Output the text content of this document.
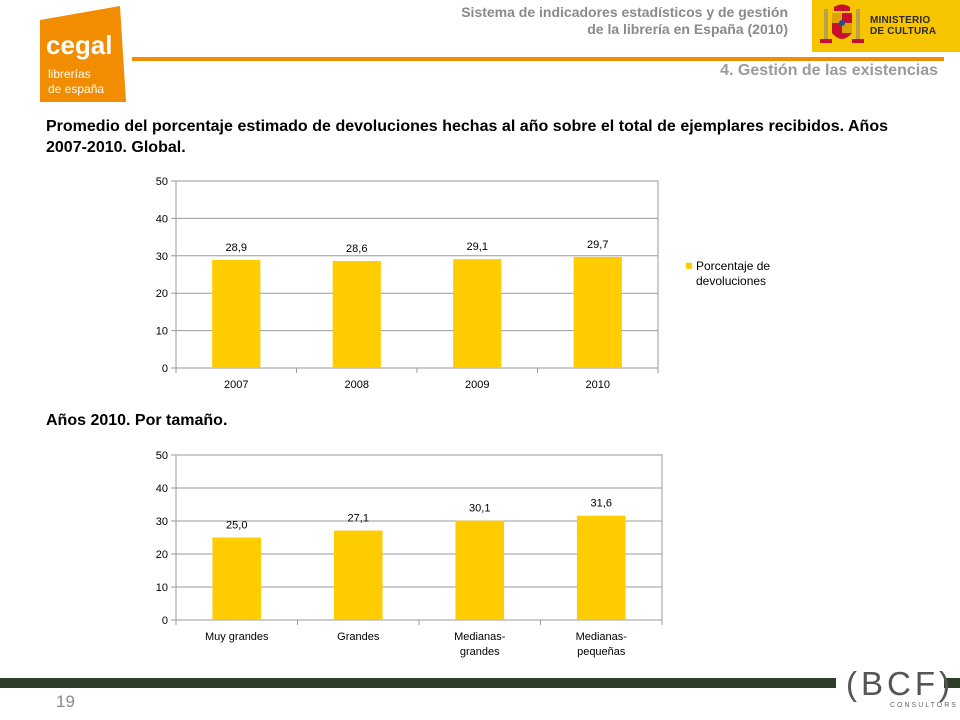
cegal
librerías
de españa
Sistema de indicadores estadísticos y de gestión
de la librería en España (2010)
MINISTERIO
DE CULTURA
4. Gestión de las existencias
Promedio del porcentaje estimado de devoluciones hechas al año sobre el total de ejemplares recibidos. Años 2007-2010. Global.
0
10
20
30
40
50
28,9
2007
28,6
2008
29,1
2009
29,7
2010
Porcentaje de
devoluciones
Años 2010. Por tamaño.
0
10
20
30
40
50
25,0
Muy grandes
27,1
Grandes
30,1
Medianas-
grandes
31,6
Medianas-
pequeñas
19	(BCF)
CONSULTORS
